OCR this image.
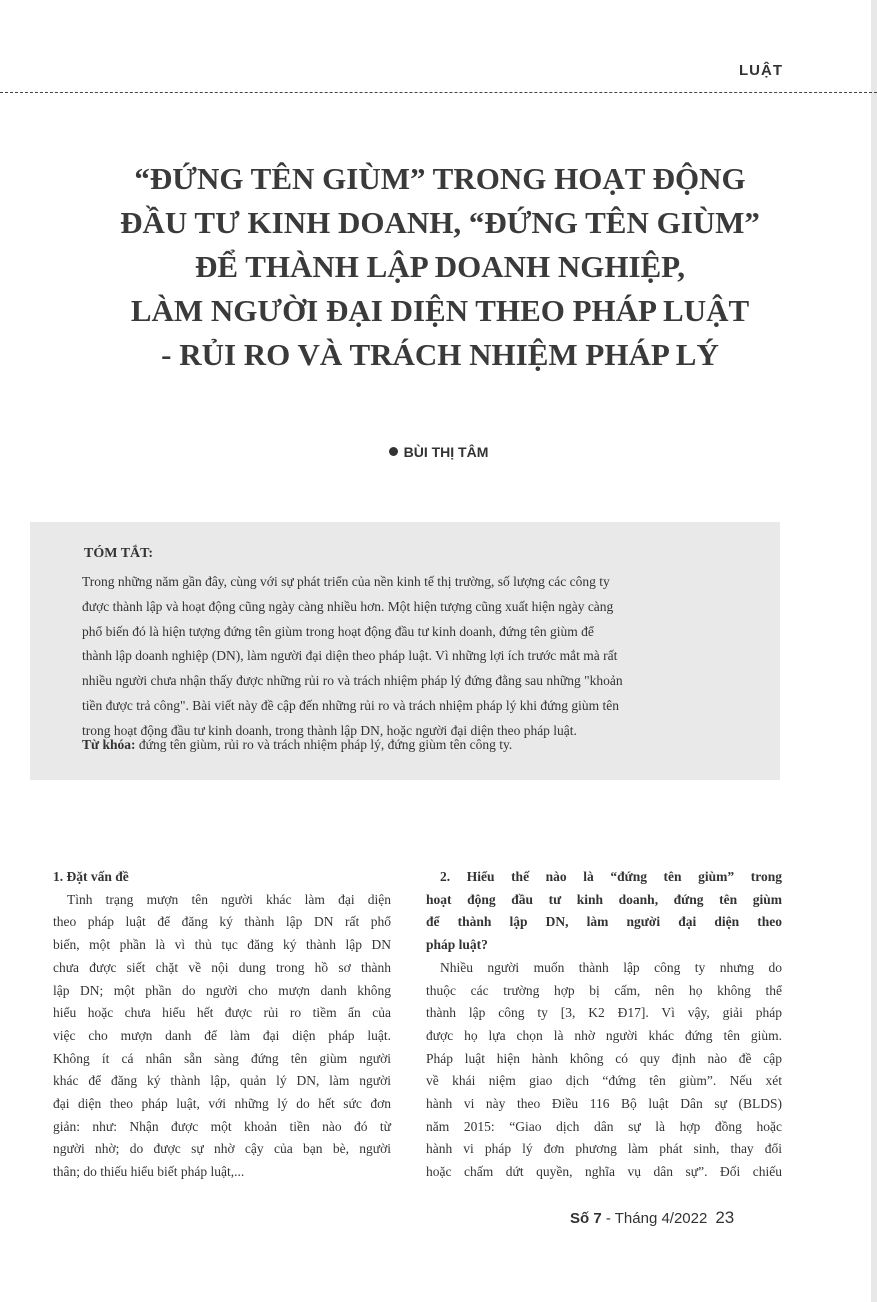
LUẬT
“ĐỨNG TÊN GIÙM” TRONG HOẠT ĐỘNG
ĐẦU TƯ KINH DOANH, “ĐỨNG TÊN GIÙM”
ĐỂ THÀNH LẬP DOANH NGHIỆP,
LÀM NGƯỜI ĐẠI DIỆN THEO PHÁP LUẬT
- RỦI RO VÀ TRÁCH NHIỆM PHÁP LÝ
BÙI THỊ TÂM
TÓM TẮT:
Trong những năm gần đây, cùng với sự phát triển của nền kinh tế thị trường, số lượng các công ty
được thành lập và hoạt động cũng ngày càng nhiều hơn. Một hiện tượng cũng xuất hiện ngày càng
phổ biến đó là hiện tượng đứng tên giùm trong hoạt động đầu tư kinh doanh, đứng tên giùm để
thành lập doanh nghiệp (DN), làm người đại diện theo pháp luật. Vì những lợi ích trước mắt mà rất
nhiều người chưa nhận thấy được những rủi ro và trách nhiệm pháp lý đứng đằng sau những "khoản
tiền được trả công". Bài viết này đề cập đến những rủi ro và trách nhiệm pháp lý khi đứng giùm tên
trong hoạt động đầu tư kinh doanh, trong thành lập DN, hoặc người đại diện theo pháp luật.
Từ khóa: đứng tên giùm, rủi ro và trách nhiệm pháp lý, đứng giùm tên công ty.
1. Đặt vấn đề
Tình trạng mượn tên người khác làm đại diện
theo pháp luật để đăng ký thành lập DN rất phổ
biến, một phần là vì thủ tục đăng ký thành lập DN
chưa được siết chặt về nội dung trong hồ sơ thành
lập DN; một phần do người cho mượn danh không
hiểu hoặc chưa hiểu hết được rủi ro tiềm ẩn của
việc cho mượn danh để làm đại diện pháp luật.
Không ít cá nhân sẵn sàng đứng tên giùm người
khác để đăng ký thành lập, quản lý DN, làm người
đại diện theo pháp luật, với những lý do hết sức đơn
giản: như: Nhận được một khoản tiền nào đó từ
người nhờ; do được sự nhờ cậy của bạn bè, người
thân; do thiếu hiểu biết pháp luật,...
2. Hiểu thế nào là “đứng tên giùm” trong
hoạt động đầu tư kinh doanh, đứng tên giùm
để thành lập DN, làm người đại diện theo
pháp luật?
Nhiều người muốn thành lập công ty nhưng do
thuộc các trường hợp bị cấm, nên họ không thể
thành lập công ty [3, K2 Đ17]. Vì vậy, giải pháp
được họ lựa chọn là nhờ người khác đứng tên giùm.
Pháp luật hiện hành không có quy định nào đề cập
về khái niệm giao dịch “đứng tên giùm”. Nếu xét
hành vi này theo Điều 116 Bộ luật Dân sự (BLDS)
năm 2015: “Giao dịch dân sự là hợp đồng hoặc
hành vi pháp lý đơn phương làm phát sinh, thay đổi
hoặc chấm dứt quyền, nghĩa vụ dân sự”. Đối chiếu
Số 7 - Tháng 4/2022 23
